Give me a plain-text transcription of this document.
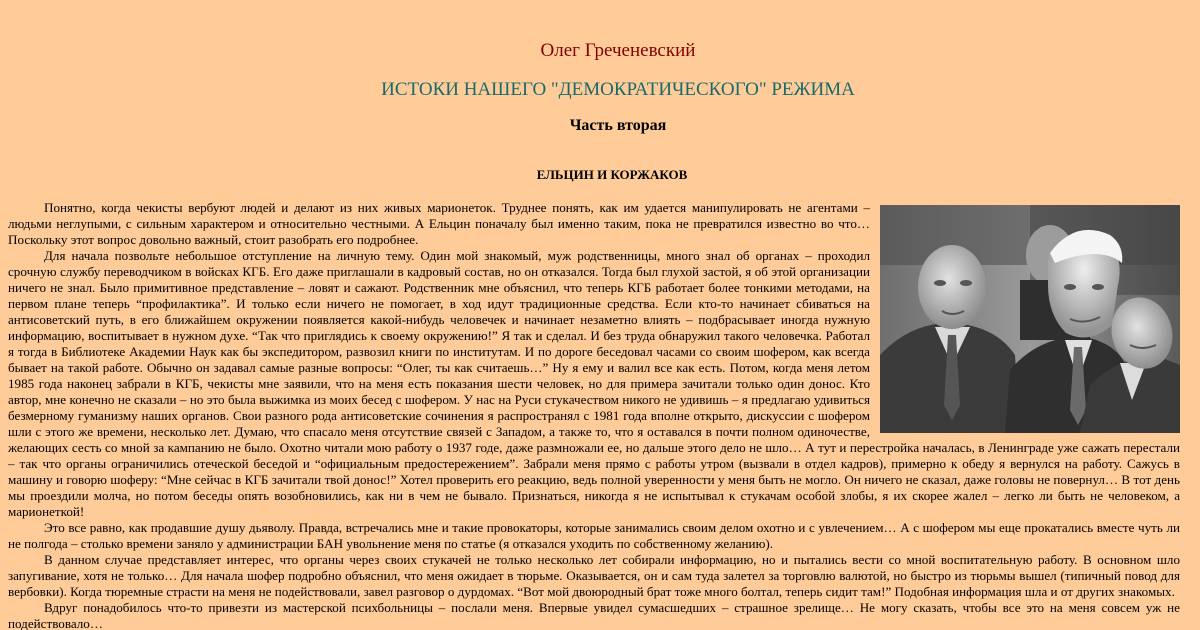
Олег Греченевский
ИСТОКИ НАШЕГО "ДЕМОКРАТИЧЕСКОГО" РЕЖИМА
Часть вторая
ЕЛЬЦИН И КОРЖАКОВ

Понятно, когда чекисты вербуют людей и делают из них живых марионеток. Труднее понять, как им удается манипулировать не агентами – людьми неглупыми, с сильным характером и относительно честными. А Ельцин поначалу был именно таким, пока не превратился известно во что… Поскольку этот вопрос довольно важный, стоит разобрать его подробнее.

Для начала позвольте небольшое отступление на личную тему. Один мой знакомый, муж родственницы, много знал об органах – проходил срочную службу переводчиком в войсках КГБ. Его даже приглашали в кадровый состав, но он отказался. Тогда был глухой застой, я об этой организации ничего не знал. Было примитивное представление – ловят и сажают. Родственник мне объяснил, что теперь КГБ работает более тонкими методами, на первом плане теперь “профилактика”. И только если ничего не помогает, в ход идут традиционные средства. Если кто-то начинает сбиваться на антисоветский путь, в его ближайшем окружении появляется какой-нибудь человечек и начинает незаметно влиять – подбрасывает иногда нужную информацию, воспитывает в нужном духе. “Так что приглядись к своему окружению!” Я так и сделал. И без труда обнаружил такого человечка. Работал я тогда в Библиотеке Академии Наук как бы экспедитором, развозил книги по институтам. И по дороге беседовал часами со своим шофером, как всегда бывает на такой работе. Обычно он задавал самые разные вопросы: “Олег, ты как считаешь…” Ну я ему и валил все как есть. Потом, когда меня летом 1985 года наконец забрали в КГБ, чекисты мне заявили, что на меня есть показания шести человек, но для примера зачитали только один донос. Кто автор, мне конечно не сказали – но это была выжимка из моих бесед с шофером. У нас на Руси стукачеством никого не удивишь – я предлагаю удивиться безмерному гуманизму наших органов. Свои разного рода антисоветские сочинения я распространял с 1981 года вполне открыто, дискуссии с шофером шли с этого же времени, несколько лет. Думаю, что спасало меня отсутствие связей с Западом, а также то, что я оставался в почти полном одиночестве, желающих сесть со мной за кампанию не было. Охотно читали мою работу о 1937 годе, даже размножали ее, но дальше этого дело не шло… А тут и перестройка началась, в Ленинграде уже сажать перестали – так что органы ограничились отеческой беседой и “официальным предостережением”. Забрали меня прямо с работы утром (вызвали в отдел кадров), примерно к обеду я вернулся на работу. Сажусь в машину и говорю шоферу: “Мне сейчас в КГБ зачитали твой донос!” Хотел проверить его реакцию, ведь полной уверенности у меня быть не могло. Он ничего не сказал, даже головы не повернул… В тот день мы проездили молча, но потом беседы опять возобновились, как ни в чем не бывало. Признаться, никогда я не испытывал к стукачам особой злобы, я их скорее жалел – легко ли быть не человеком, а марионеткой!

Это все равно, как продавшие душу дьяволу. Правда, встречались мне и такие провокаторы, которые занимались своим делом охотно и с увлечением… А с шофером мы еще прокатались вместе чуть ли не полгода – столько времени заняло у администрации БАН увольнение меня по статье (я отказался уходить по собственному желанию).

В данном случае представляет интерес, что органы через своих стукачей не только несколько лет собирали информацию, но и пытались вести со мной воспитательную работу. В основном шло запугивание, хотя не только… Для начала шофер подробно объяснил, что меня ожидает в тюрьме. Оказывается, он и сам туда залетел за торговлю валютой, но быстро из тюрьмы вышел (типичный повод для вербовки). Когда тюремные страсти на меня не подействовали, завел разговор о дурдомах. “Вот мой двоюродный брат тоже много болтал, теперь сидит там!” Подобная информация шла и от других знакомых.

Вдруг понадобилось что-то привезти из мастерской психбольницы – послали меня. Впервые увидел сумасшедших – страшное зрелище… Не могу сказать, чтобы все это на меня совсем уж не подействовало…
